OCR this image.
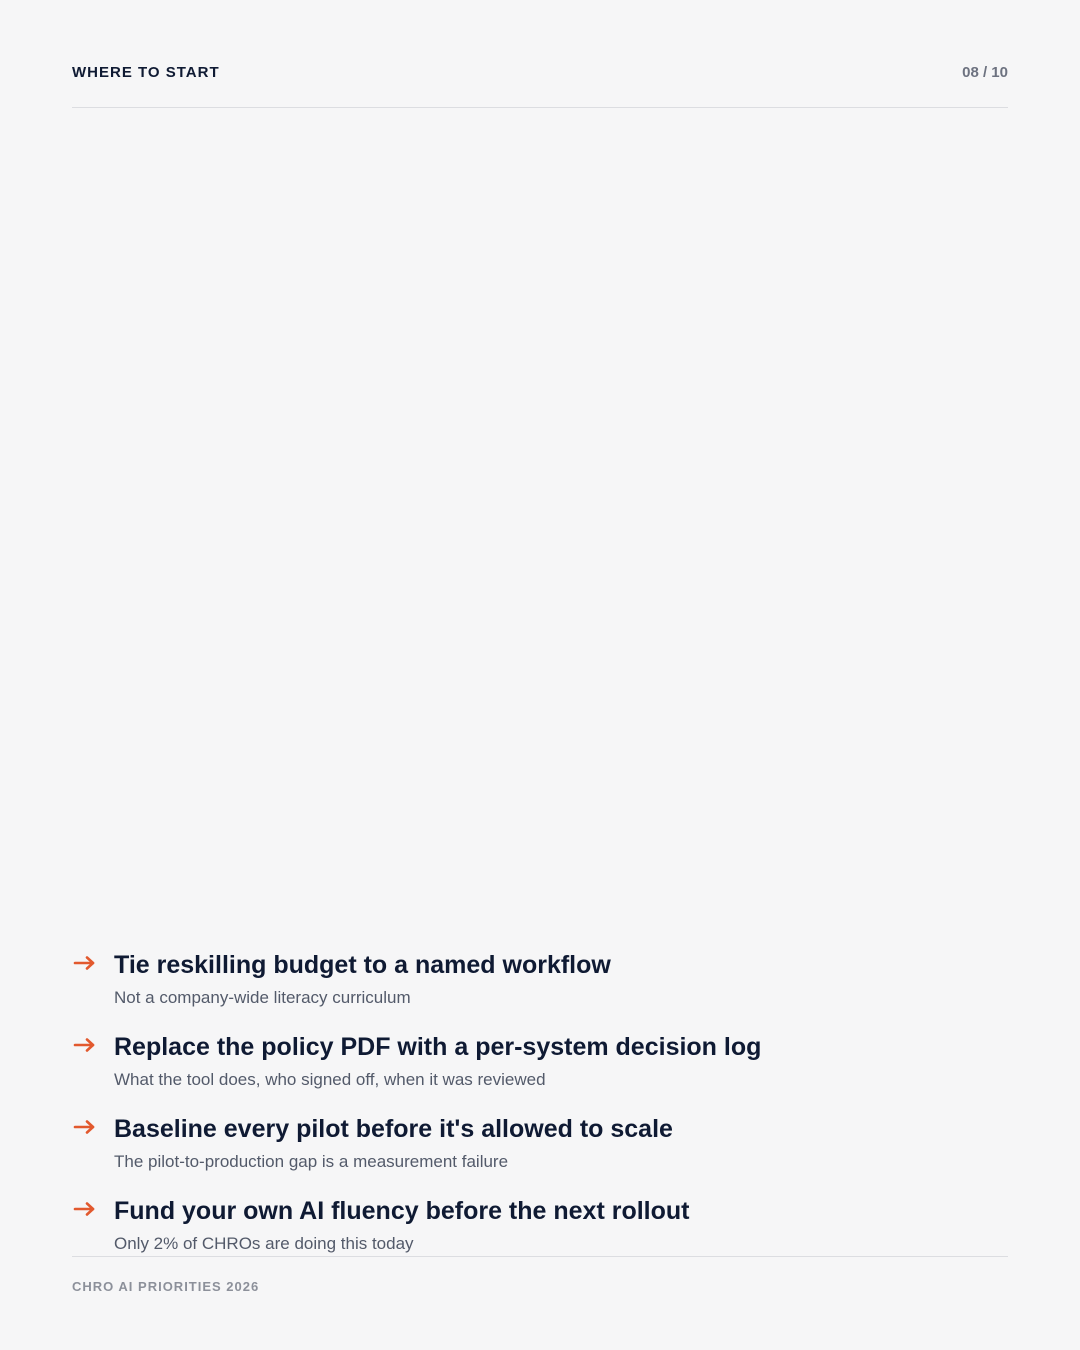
WHERE TO START	08 / 10
Tie reskilling budget to a named workflow
Not a company-wide literacy curriculum
Replace the policy PDF with a per-system decision log
What the tool does, who signed off, when it was reviewed
Baseline every pilot before it's allowed to scale
The pilot-to-production gap is a measurement failure
Fund your own AI fluency before the next rollout
Only 2% of CHROs are doing this today
CHRO AI PRIORITIES 2026
